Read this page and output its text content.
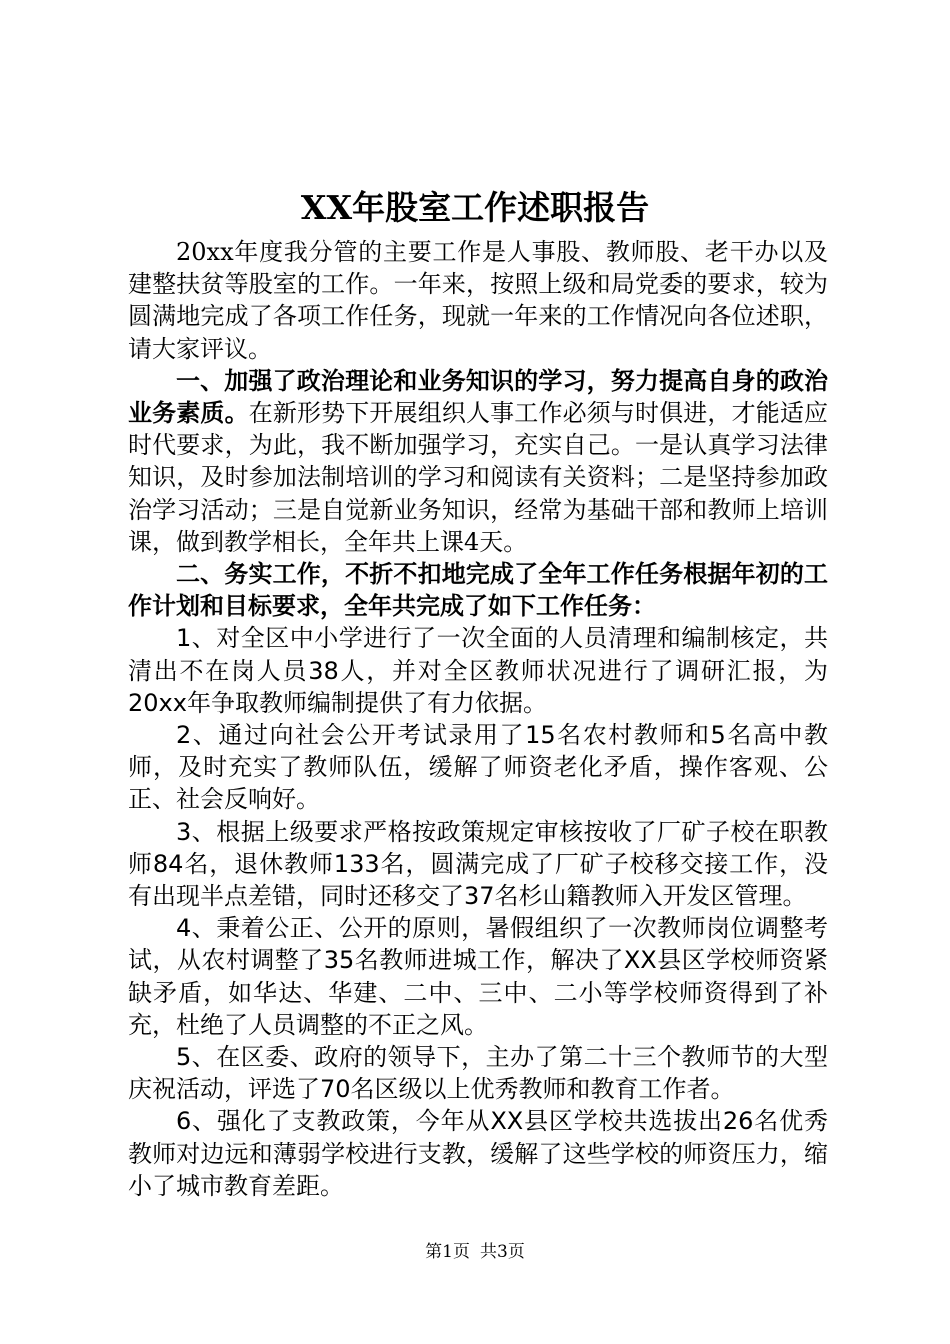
XX年股室工作述职报告

20xx年度我分管的主要工作是人事股、教师股、老干办以及建整扶贫等股室的工作。一年来，按照上级和局党委的要求，较为圆满地完成了各项工作任务，现就一年来的工作情况向各位述职，请大家评议。

一、加强了政治理论和业务知识的学习，努力提高自身的政治业务素质。在新形势下开展组织人事工作必须与时俱进，才能适应时代要求，为此，我不断加强学习，充实自己。一是认真学习法律知识，及时参加法制培训的学习和阅读有关资料；二是坚持参加政治学习活动；三是自觉新业务知识，经常为基础干部和教师上培训课，做到教学相长，全年共上课4天。

二、务实工作，不折不扣地完成了全年工作任务根据年初的工作计划和目标要求，全年共完成了如下工作任务：

1、对全区中小学进行了一次全面的人员清理和编制核定，共清出不在岗人员38人，并对全区教师状况进行了调研汇报，为20xx年争取教师编制提供了有力依据。

2、通过向社会公开考试录用了15名农村教师和5名高中教师，及时充实了教师队伍，缓解了师资老化矛盾，操作客观、公正、社会反响好。

3、根据上级要求严格按政策规定审核按收了厂矿子校在职教师84名，退休教师133名，圆满完成了厂矿子校移交接工作，没有出现半点差错，同时还移交了37名杉山籍教师入开发区管理。

4、秉着公正、公开的原则，暑假组织了一次教师岗位调整考试，从农村调整了35名教师进城工作，解决了XX县区学校师资紧缺矛盾，如华达、华建、二中、三中、二小等学校师资得到了补充，杜绝了人员调整的不正之风。

5、在区委、政府的领导下，主办了第二十三个教师节的大型庆祝活动，评选了70名区级以上优秀教师和教育工作者。

6、强化了支教政策，今年从XX县区学校共选拔出26名优秀教师对边远和薄弱学校进行支教，缓解了这些学校的师资压力，缩小了城市教育差距。

第1页 共3页
